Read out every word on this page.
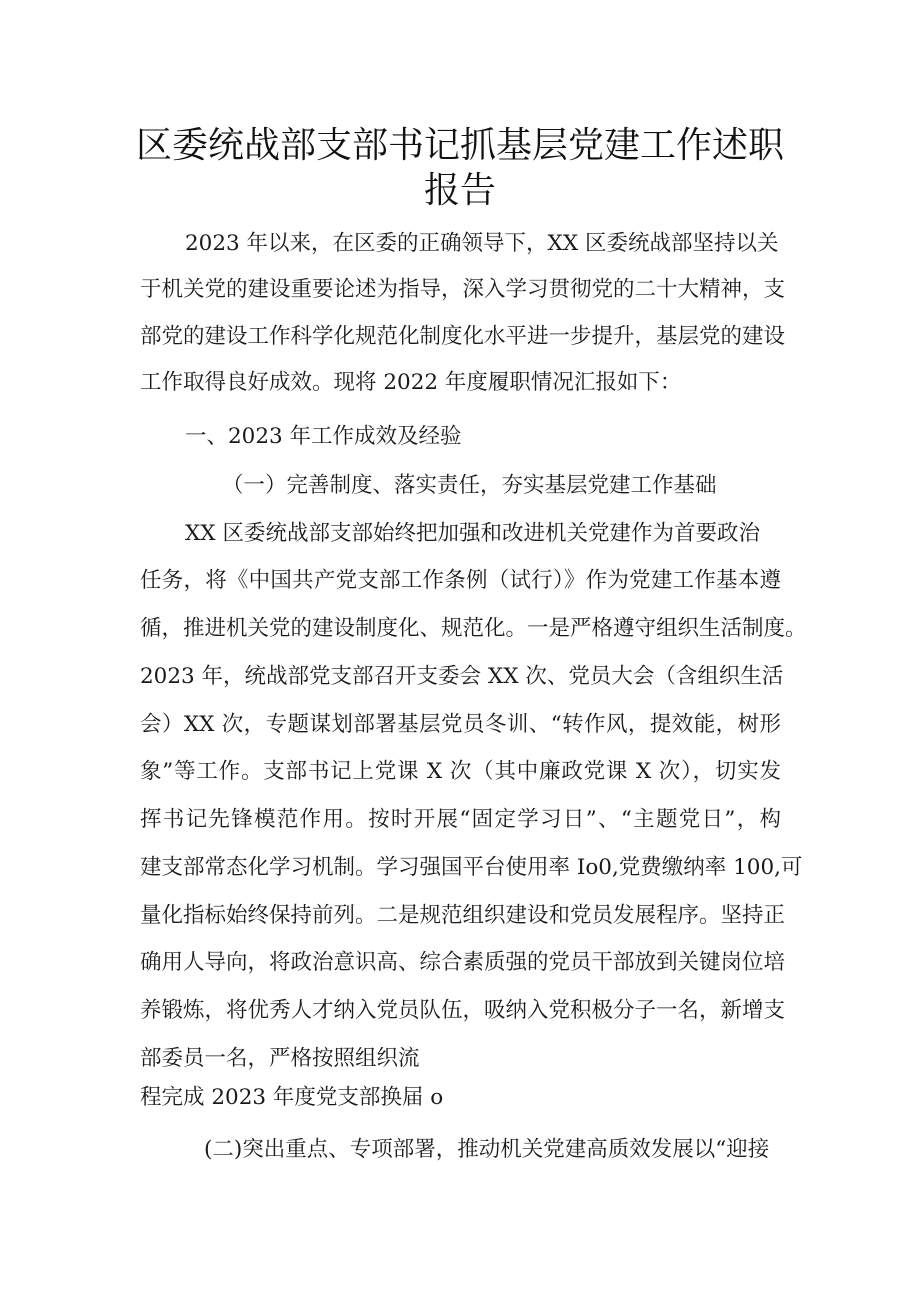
区委统战部支部书记抓基层党建工作述职
报告
2023 年以来，在区委的正确领导下，XX 区委统战部坚持以关
于机关党的建设重要论述为指导，深入学习贯彻党的二十大精神，支
部党的建设工作科学化规范化制度化水平进一步提升，基层党的建设
工作取得良好成效。现将 2022 年度履职情况汇报如下：
一、2023 年工作成效及经验
（一）完善制度、落实责任，夯实基层党建工作基础
XX 区委统战部支部始终把加强和改进机关党建作为首要政治
任务，将《中国共产党支部工作条例（试行）》作为党建工作基本遵
循，推进机关党的建设制度化、规范化。一是严格遵守组织生活制度。
2023 年，统战部党支部召开支委会 XX 次、党员大会（含组织生活
会）XX 次，专题谋划部署基层党员冬训、“转作风，提效能，树形
象”等工作。支部书记上党课 X 次（其中廉政党课 X 次），切实发
挥书记先锋模范作用。按时开展“固定学习日”、“主题党日”，构
建支部常态化学习机制。学习强国平台使用率 Io0,党费缴纳率 100,可
量化指标始终保持前列。二是规范组织建设和党员发展程序。坚持正
确用人导向，将政治意识高、综合素质强的党员干部放到关键岗位培
养锻炼，将优秀人才纳入党员队伍，吸纳入党积极分子一名，新增支
部委员一名，严格按照组织流
程完成 2023 年度党支部换届 o
(二)突出重点、专项部署，推动机关党建高质效发展以“迎接
